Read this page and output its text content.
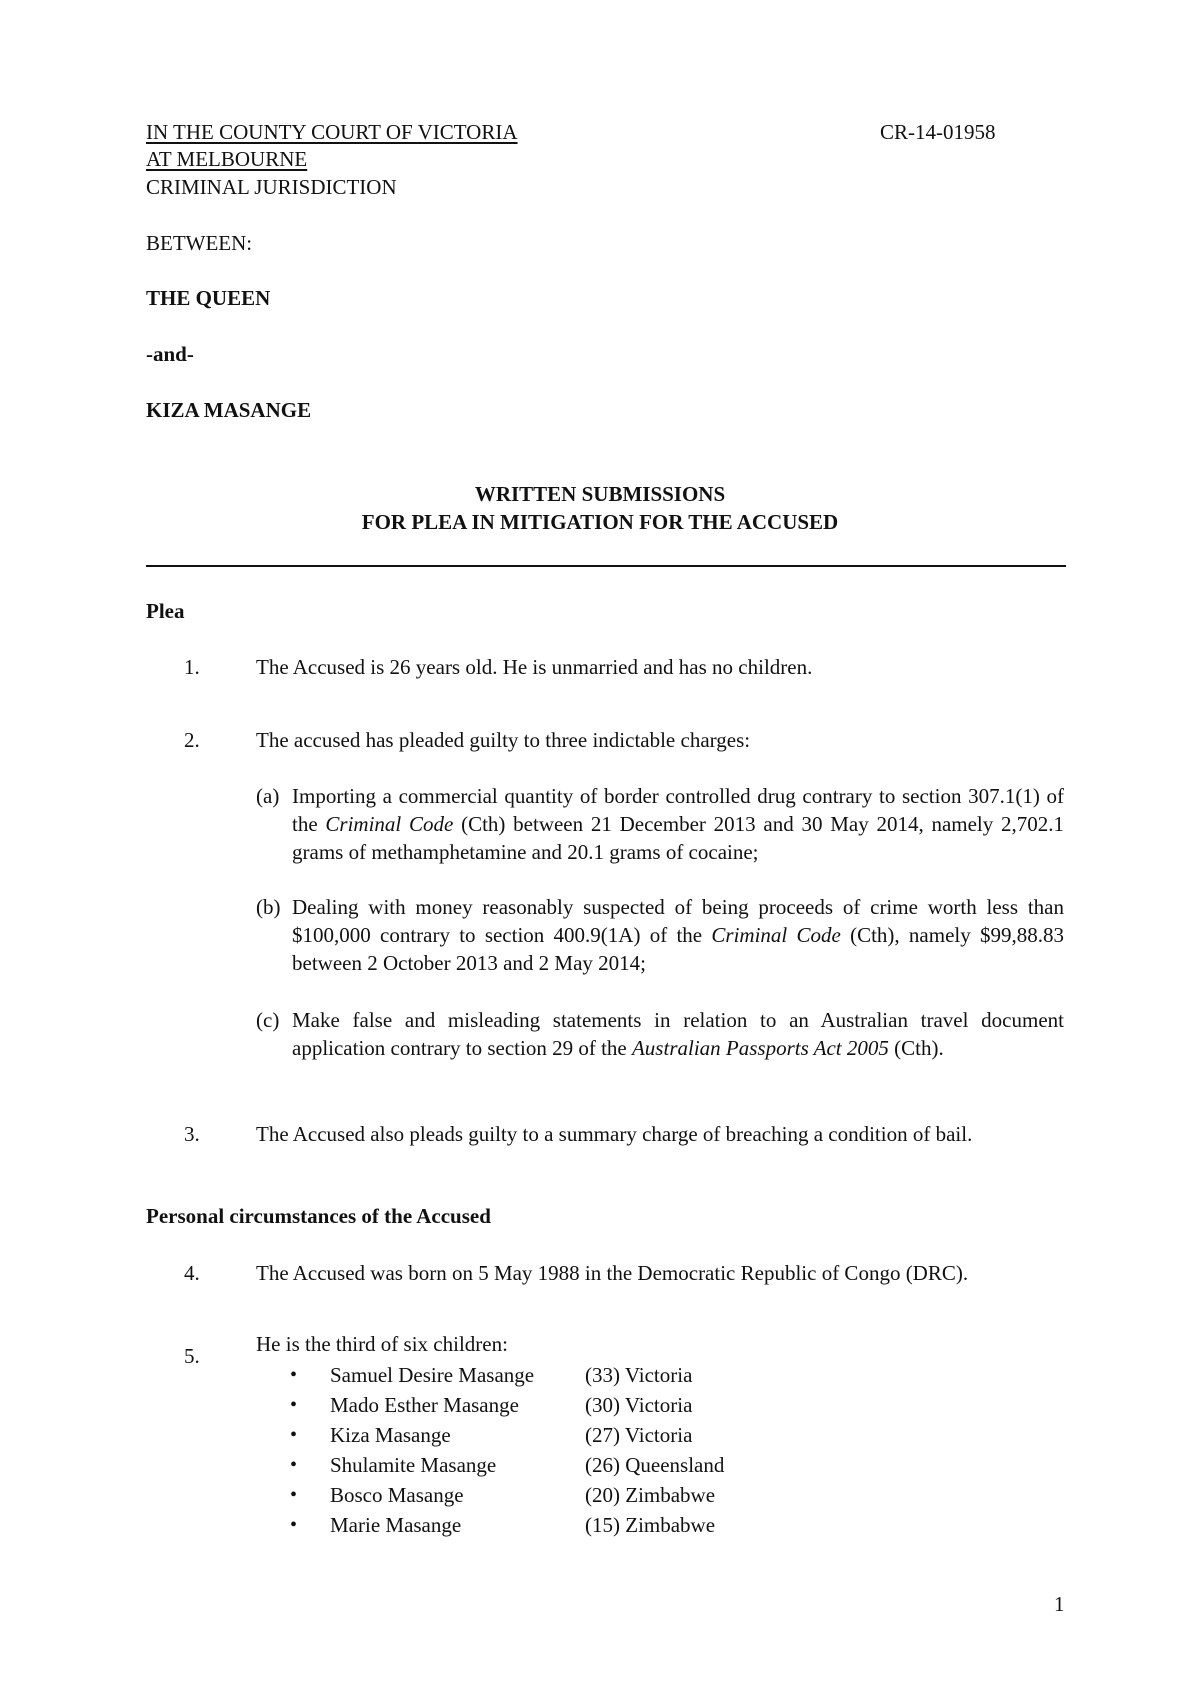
IN THE COUNTY COURT OF VICTORIA	CR-14-01958

AT MELBOURNE

CRIMINAL JURISDICTION

BETWEEN:

THE QUEEN

-and-

KIZA MASANGE

WRITTEN SUBMISSIONS

FOR PLEA IN MITIGATION FOR THE ACCUSED

Plea

1.	The Accused is 26 years old. He is unmarried and has no children.
2.	The accused has pleaded guilty to three indictable charges:
(a) Importing a commercial quantity of border controlled drug contrary to section 307.1(1) of the Criminal Code (Cth) between 21 December 2013 and 30 May 2014, namely 2,702.1 grams of methamphetamine and 20.1 grams of cocaine;
(b) Dealing with money reasonably suspected of being proceeds of crime worth less than $100,000 contrary to section 400.9(1A) of the Criminal Code (Cth), namely $99,88.83 between 2 October 2013 and 2 May 2014;
(c) Make false and misleading statements in relation to an Australian travel document application contrary to section 29 of the Australian Passports Act 2005 (Cth).
3.	The Accused also pleads guilty to a summary charge of breaching a condition of bail.

Personal circumstances of the Accused

4.	The Accused was born on 5 May 1988 in the Democratic Republic of Congo (DRC).
5.	He is the third of six children:
• Samuel Desire Masange (33) Victoria
• Mado Esther Masange	(30) Victoria
• Kiza Masange	(27) Victoria
• Shulamite Masange	(26) Queensland
• Bosco Masange	(20) Zimbabwe
• Marie Masange	(15) Zimbabwe

1
